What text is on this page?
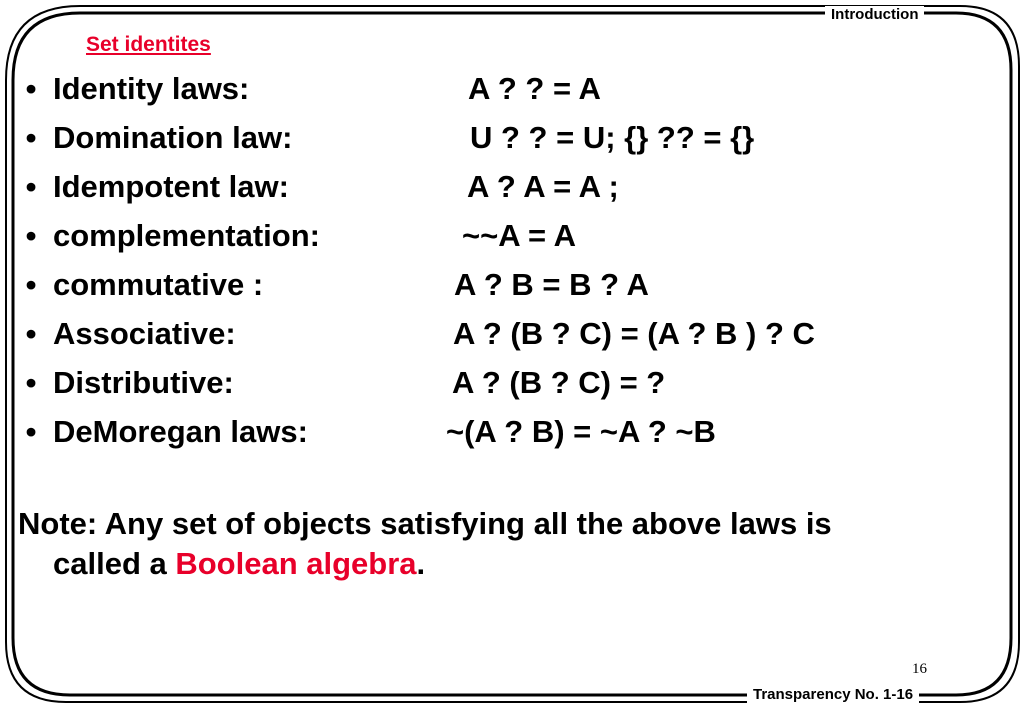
Introduction
Set identites
• Identity laws:	A ? ? = A
• Domination law:	U ? ? = U; {} ?? = {}
• Idempotent law:	A ? A = A ;
• complementation:	~~A = A
• commutative :	A ? B = B ? A
• Associative:	A ? (B ? C) = (A ? B ) ? C
• Distributive:	A ? (B ? C) = ?
• DeMoregan laws:	~(A ? B) = ~A ? ~B
Note: Any set of objects satisfying all the above laws is
called a Boolean algebra.
16
Transparency No. 1-16
